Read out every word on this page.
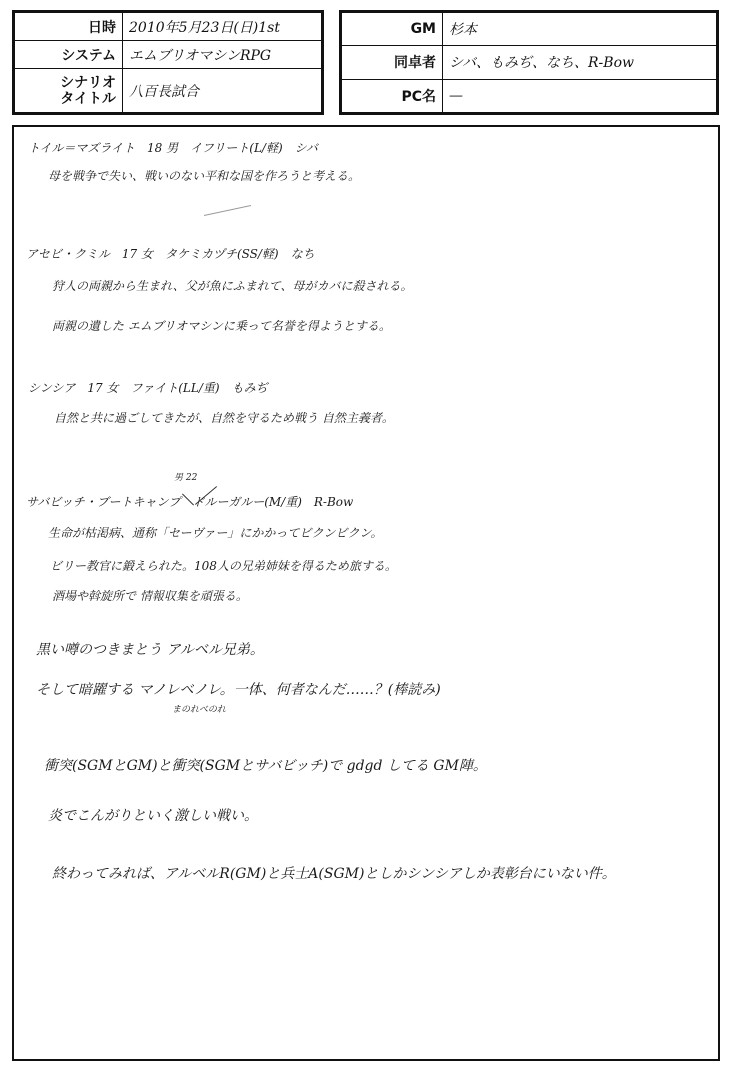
日時	2010年5月23日(日)1st
システム	エムブリオマシンRPG
シナリオ
タイトル	八百長試合
GM	杉本
同卓者	シバ、もみぢ、なち、R-Bow
PC名	—
トイル＝マズライト　18 男　イフリート(L/軽)　シバ
母を戦争で失い、戦いのない平和な国を作ろうと考える。
アセビ・クミル　17 女　タケミカヅチ(SS/軽)　なち
狩人の両親から生まれ、父が魚にふまれて、母がカバに殺される。
両親の遺した エムブリオマシンに乗って名誉を得ようとする。
シンシア　17 女　ファイト(LL/重)　もみぢ
自然と共に過ごしてきたが、自然を守るため戦う 自然主義者。
男 22
サバビッチ・ブートキャンプ　ドルーガルー(M/重)　R-Bow
生命が枯渇病、通称「セーヴァー」にかかってビクンビクン。
ビリー教官に鍛えられた。108人の兄弟姉妹を得るため旅する。
酒場や斡旋所で 情報収集を頑張る。
黒い噂のつきまとう アルベル兄弟。
そして暗躍する マノレベノレ。一体、何者なんだ……？(棒読み)
まのれべのれ
衝突(SGMとGM)と衝突(SGMとサバビッチ)で gdgd してる GM陣。
炎でこんがりといく激しい戦い。
終わってみれば、アルベルR(GM)と兵士A(SGM)としかシンシアしか表彰台にいない件。
